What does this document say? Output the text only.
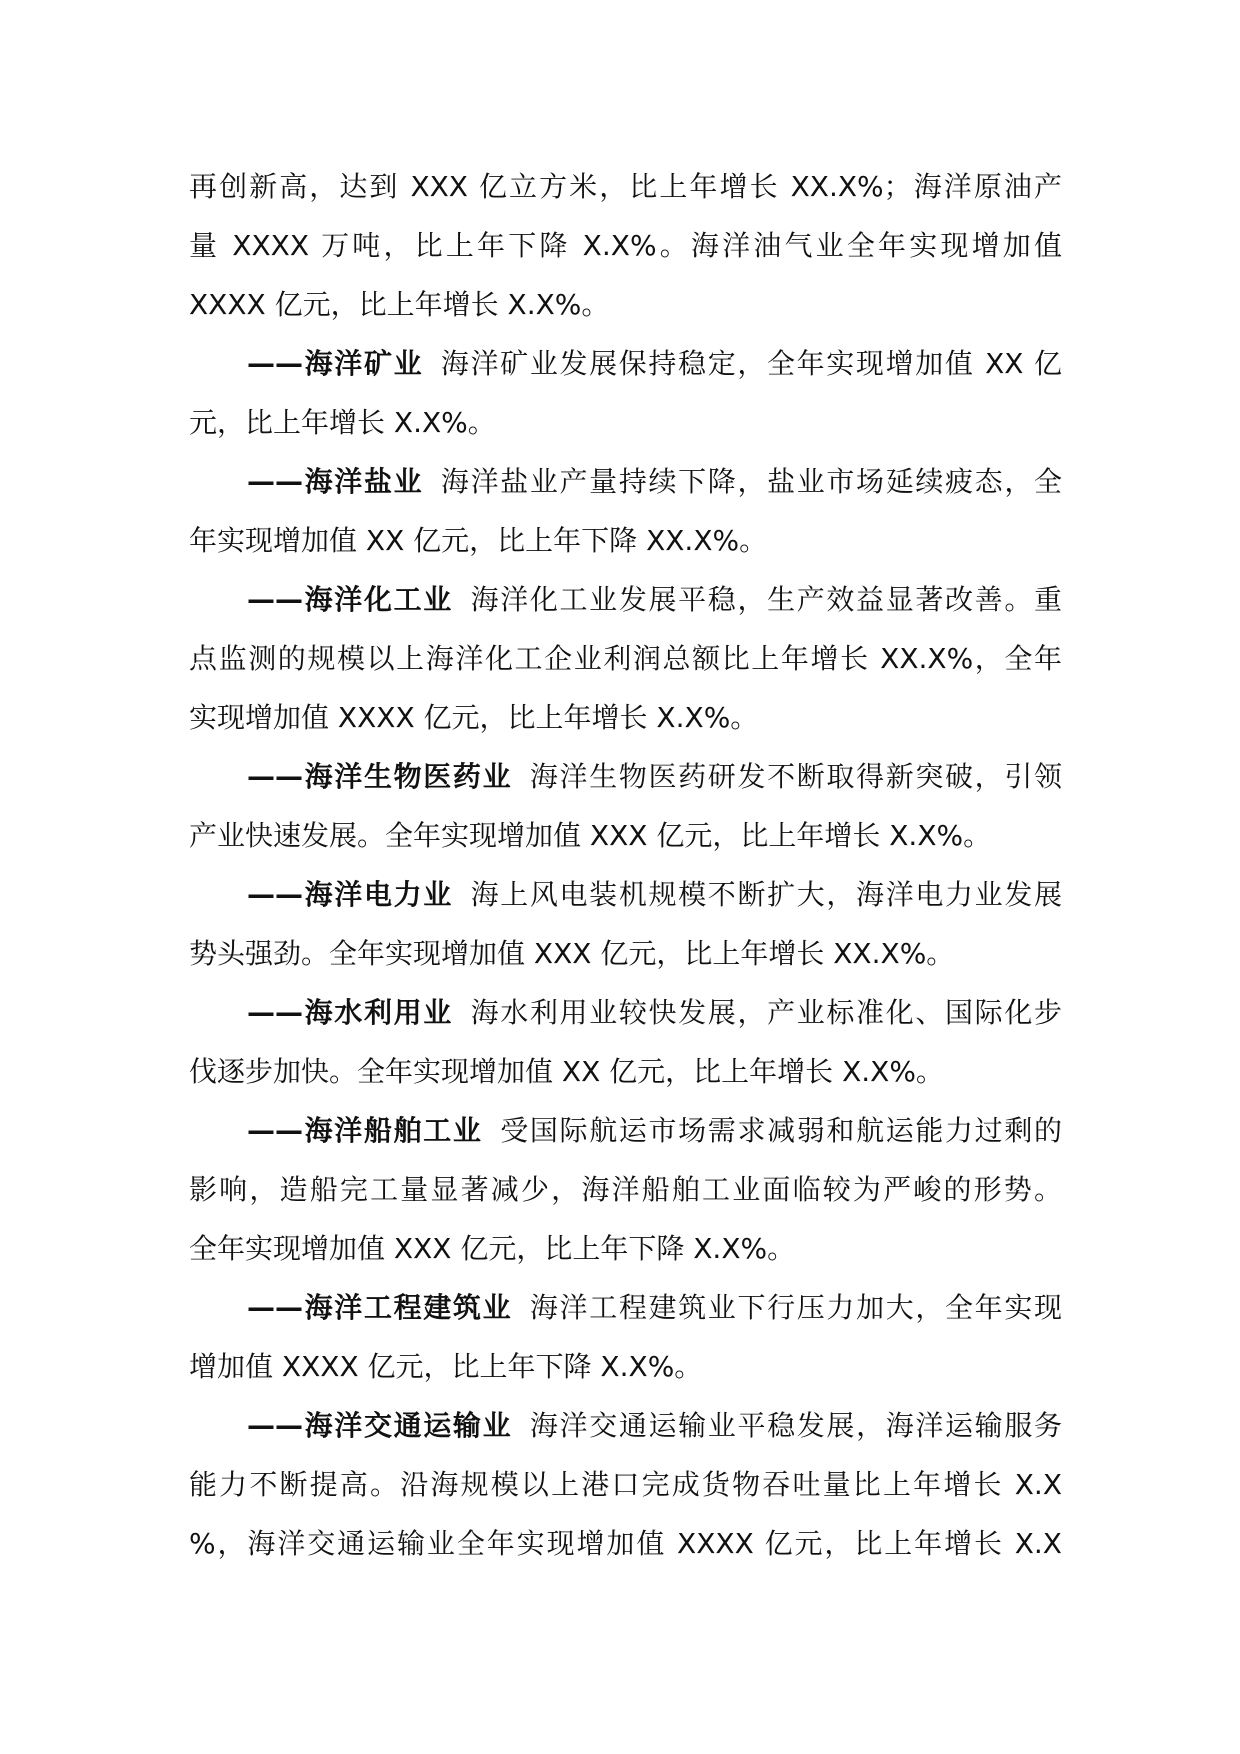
再创新高，达到 XXX 亿立方米，比上年增长 XX.X%；海洋原油产
量 XXXX 万吨，比上年下降 X.X%。海洋油气业全年实现增加值
XXXX 亿元，比上年增长 X.X%。
——海洋矿业 海洋矿业发展保持稳定，全年实现增加值 XX 亿
元，比上年增长 X.X%。
——海洋盐业 海洋盐业产量持续下降，盐业市场延续疲态，全
年实现增加值 XX 亿元，比上年下降 XX.X%。
——海洋化工业 海洋化工业发展平稳，生产效益显著改善。重
点监测的规模以上海洋化工企业利润总额比上年增长 XX.X%，全年
实现增加值 XXXX 亿元，比上年增长 X.X%。
——海洋生物医药业 海洋生物医药研发不断取得新突破，引领
产业快速发展。全年实现增加值 XXX 亿元，比上年增长 X.X%。
——海洋电力业 海上风电装机规模不断扩大，海洋电力业发展
势头强劲。全年实现增加值 XXX 亿元，比上年增长 XX.X%。
——海水利用业 海水利用业较快发展，产业标准化、国际化步
伐逐步加快。全年实现增加值 XX 亿元，比上年增长 X.X%。
——海洋船舶工业 受国际航运市场需求减弱和航运能力过剩的
影响，造船完工量显著减少，海洋船舶工业面临较为严峻的形势。
全年实现增加值 XXX 亿元，比上年下降 X.X%。
——海洋工程建筑业 海洋工程建筑业下行压力加大，全年实现
增加值 XXXX 亿元，比上年下降 X.X%。
——海洋交通运输业 海洋交通运输业平稳发展，海洋运输服务
能力不断提高。沿海规模以上港口完成货物吞吐量比上年增长 X.X
%，海洋交通运输业全年实现增加值 XXXX 亿元，比上年增长 X.X
